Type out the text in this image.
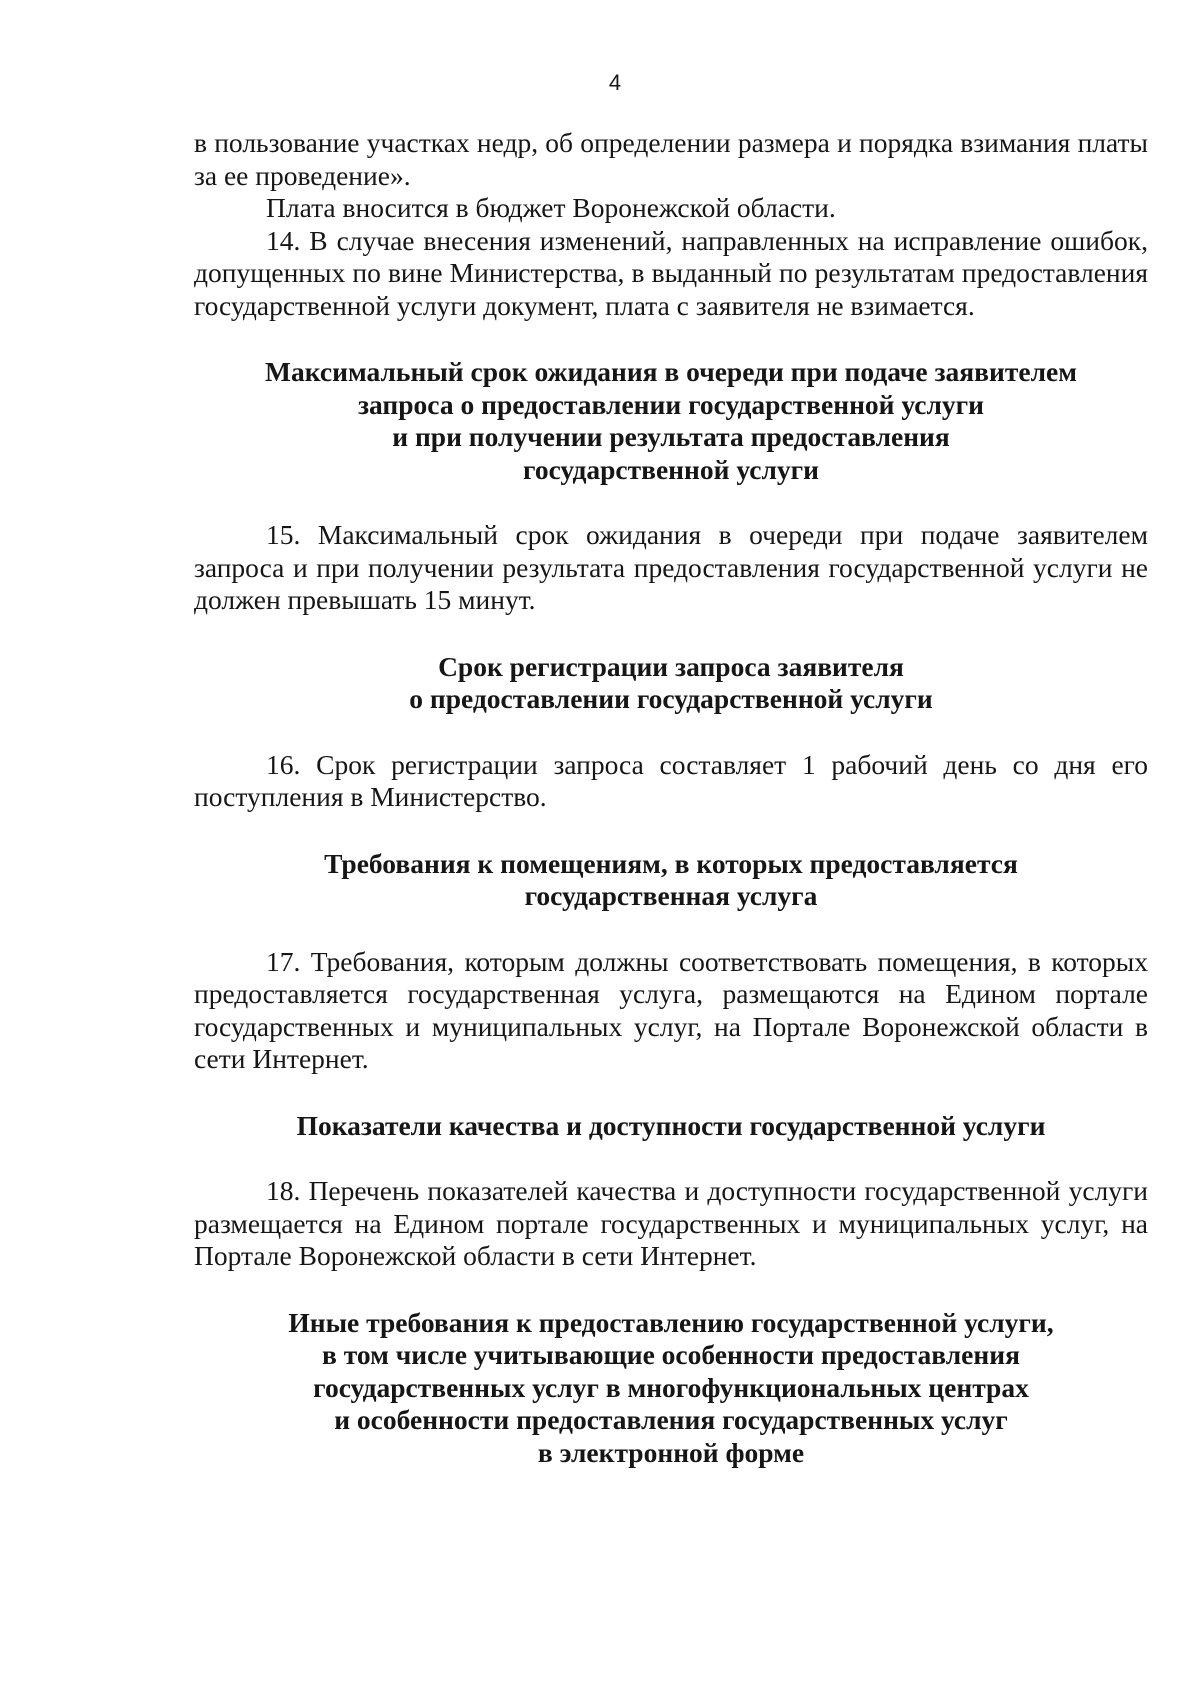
4

в пользование участках недр, об определении размера и порядка взимания платы за ее проведение».

Плата вносится в бюджет Воронежской области.

14. В случае внесения изменений, направленных на исправление ошибок, допущенных по вине Министерства, в выданный по результатам предоставления государственной услуги документ, плата с заявителя не взимается.

Максимальный срок ожидания в очереди при подаче заявителем
запроса о предоставлении государственной услуги
и при получении результата предоставления
государственной услуги

15. Максимальный срок ожидания в очереди при подаче заявителем запроса и при получении результата предоставления государственной услуги не должен превышать 15 минут.

Срок регистрации запроса заявителя
о предоставлении государственной услуги

16. Срок регистрации запроса составляет 1 рабочий день со дня его поступления в Министерство.

Требования к помещениям, в которых предоставляется
государственная услуга

17. Требования, которым должны соответствовать помещения, в которых предоставляется государственная услуга, размещаются на Едином портале государственных и муниципальных услуг, на Портале Воронежской области в сети Интернет.

Показатели качества и доступности государственной услуги

18. Перечень показателей качества и доступности государственной услуги размещается на Едином портале государственных и муниципальных услуг, на Портале Воронежской области в сети Интернет.

Иные требования к предоставлению государственной услуги,
в том числе учитывающие особенности предоставления
государственных услуг в многофункциональных центрах
и особенности предоставления государственных услуг
в электронной форме
